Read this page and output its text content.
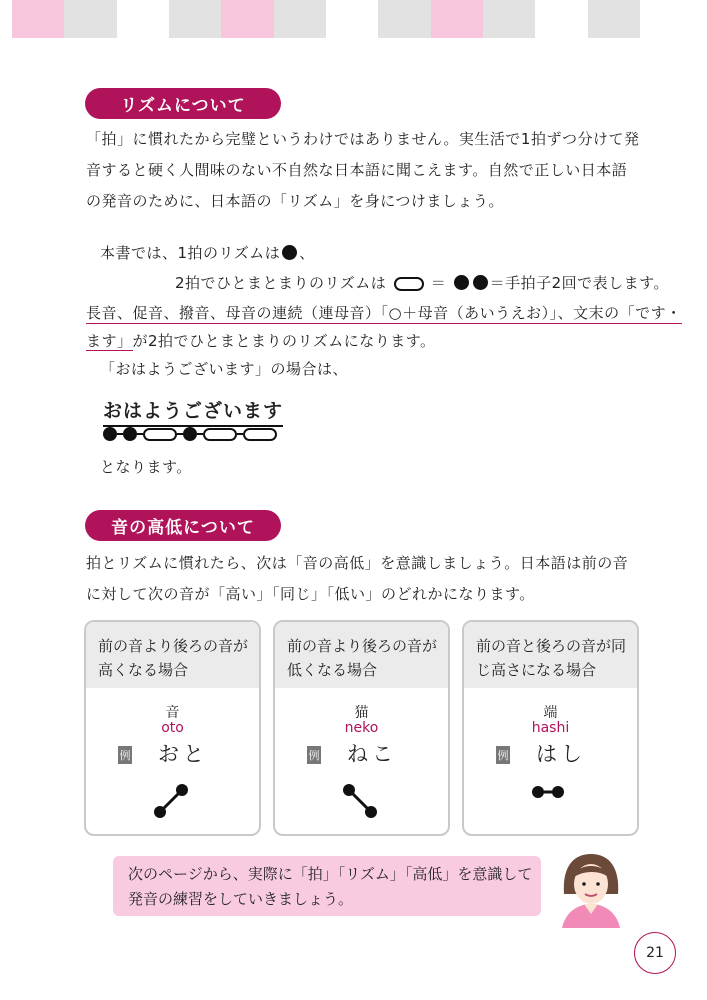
リズムについて
「拍」に慣れたから完璧というわけではありません。実生活で1拍ずつ分けて発音すると硬く人間味のない不自然な日本語に聞こえます。自然で正しい日本語の発音のために、日本語の「リズム」を身につけましょう。
本書では、1拍のリズムは 、
2拍でひとまとまりのリズムは	＝	＝手拍子2回で表します。
長音、促音、撥音、母音の連続（連母音）「○＋母音（あいうえお）」、文末の「です・
ます」が2拍でひとまとまりのリズムになります。
「おはようございます」の場合は、
おはようございます
となります。
音の高低について
拍とリズムに慣れたら、次は「音の高低」を意識しましょう。日本語は前の音に対して次の音が「高い」「同じ」「低い」のどれかになります。
前の音より後ろの音が高くなる場合
音
oto
例 おと
前の音より後ろの音が低くなる場合
猫
neko
例 ねこ
前の音と後ろの音が同じ高さになる場合
端
hashi
例 はし
次のページから、実際に「拍」「リズム」「高低」を意識して
発音の練習をしていきましょう。
21
